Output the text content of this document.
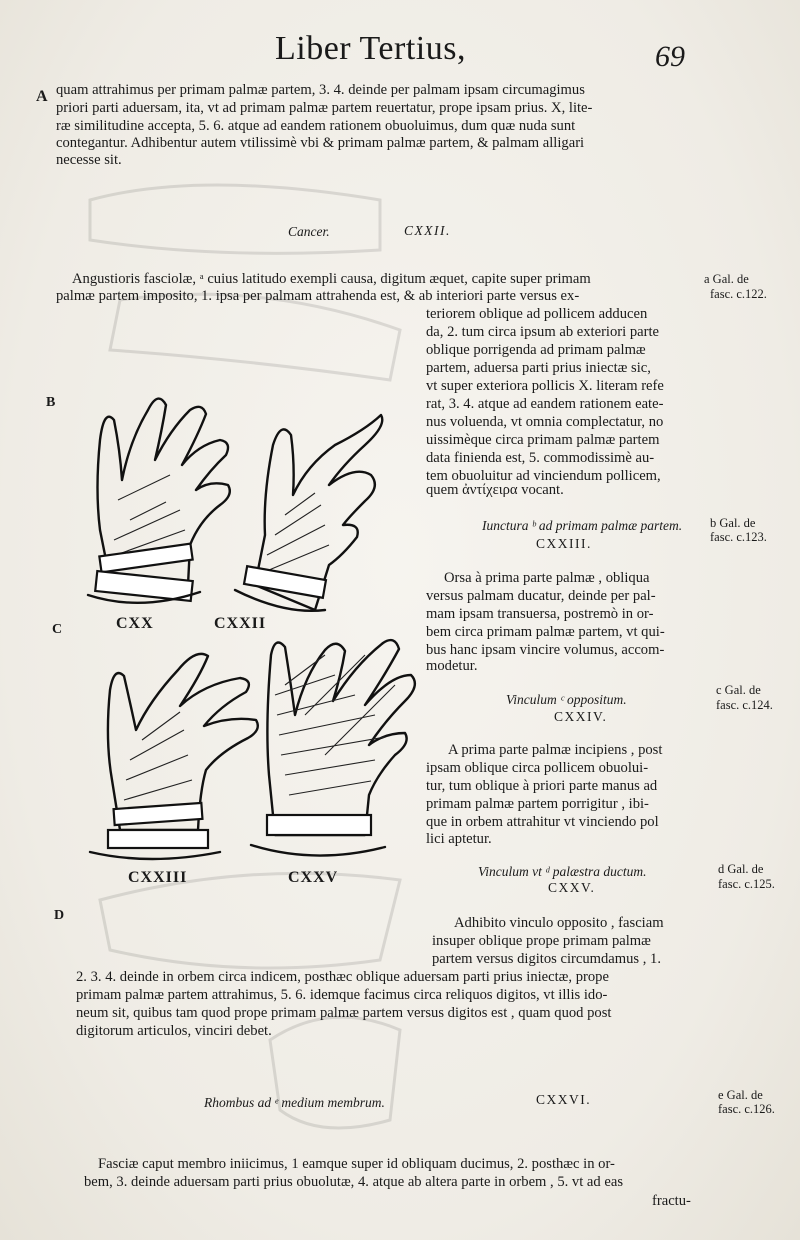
Liber Tertius,	69
A quam attrahimus per primam palmæ partem, 3. 4. deinde per palmam ipsam circumagimus
priori parti aduersam, ita, vt ad primam palmæ partem reuertatur, prope ipsam prius. X, lite-
ræ similitudine accepta, 5. 6. atque ad eandem rationem obuoluimus, dum quæ nuda sunt
contegantur. Adhibentur autem vtilissimè vbi & primam palmæ partem, & palmam alligari
necesse sit.
Cancer.	CXXII.
Angustioris fasciolæ, ᵃ cuius latitudo exempli causa, digitum æquet, capite super primam
palmæ partem imposito, 1. ipsa per palmam attrahenda est, & ab interiori parte versus ex-
teriorem oblique ad pollicem adducen
da, 2. tum circa ipsum ab exteriori parte
oblique porrigenda ad primam palmæ
partem, aduersa parti prius iniectæ sic,
vt super exteriora pollicis X. literam refe
rat, 3. 4. atque ad eandem rationem eate-
nus voluenda, vt omnia complectatur, no
uissimèque circa primam palmæ partem
data finienda est, 5. commodissimè au-
tem obuoluitur ad vinciendum pollicem,
quem ἀντίχειρα vocant.
a Gal. de
fasc. c.122.
Iunctura ᵇ ad primam palmæ partem.
CXXIII.
Orsa à prima parte palmæ , obliqua
versus palmam ducatur, deinde per pal-
mam ipsam transuersa, postremò in or-
bem circa primam palmæ partem, vt qui-
bus hanc ipsam vincire volumus, accom-
modetur.
b Gal. de
fasc. c.123.
Vinculum ᶜ oppositum.
CXXIV.
A prima parte palmæ incipiens , post
ipsam oblique circa pollicem obuolui-
tur, tum oblique à priori parte manus ad
primam palmæ partem porrigitur , ibi-
que in orbem attrahitur vt vinciendo pol
lici aptetur.
c Gal. de
fasc. c.124.
B
C
D
CXX	CXXII
CXXIII	CXXV	Vinculum vt ᵈ palæstra ductum.
CXXV.
Adhibito vinculo opposito , fasciam
insuper oblique prope primam palmæ
partem versus digitos circumdamus , 1.
2. 3. 4. deinde in orbem circa indicem, posthæc oblique aduersam parti prius iniectæ, prope
primam palmæ partem attrahimus, 5. 6. idemque facimus circa reliquos digitos, vt illis ido-
neum sit, quibus tam quod prope primam palmæ partem versus digitos est , quam quod post
digitorum articulos, vinciri debet.
d Gal. de
fasc. c.125.
Rhombus ad ᵉ medium membrum.	CXXVI.	e Gal. de
fasc. c.126.
Fasciæ caput membro iniicimus, 1 eamque super id obliquam ducimus, 2. posthæc in or-
bem, 3. deinde aduersam parti prius obuolutæ, 4. atque ab altera parte in orbem , 5. vt ad eas
fractu-
